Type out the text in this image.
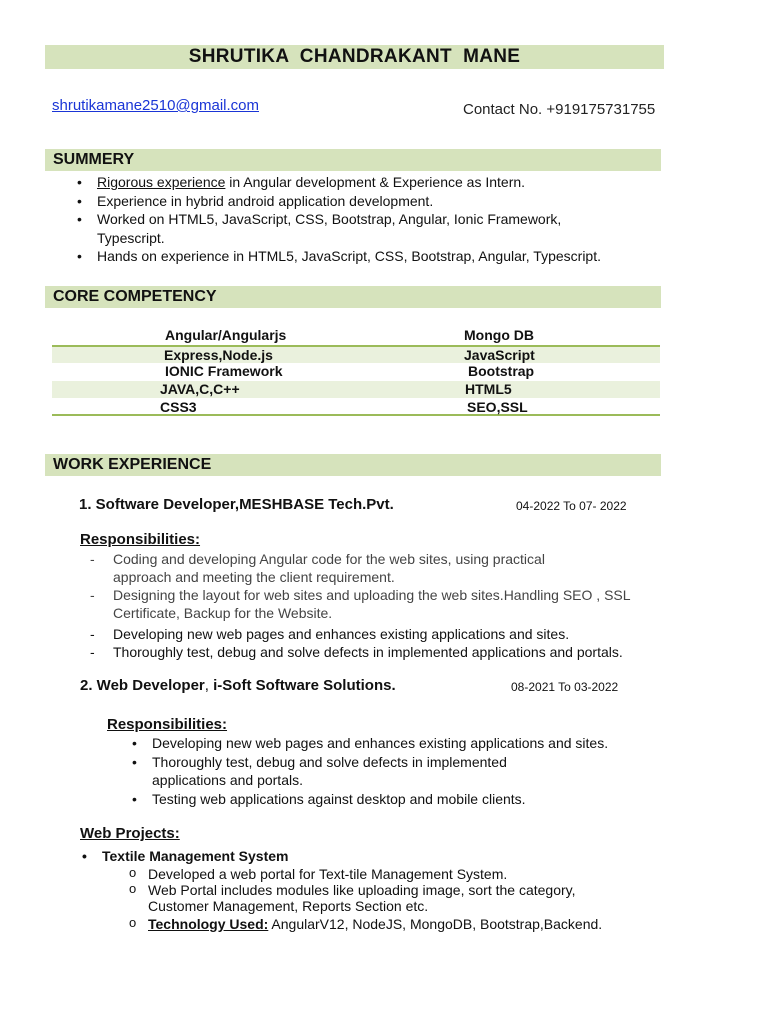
SHRUTIKA  CHANDRAKANT  MANE
shrutikamane2510@gmail.com	Contact No. +919175731755
SUMMERY
• Rigorous experience in Angular development & Experience as Intern.
• Experience in hybrid android application development.
• Worked on HTML5, JavaScript, CSS, Bootstrap, Angular, Ionic Framework, Typescript.
• Hands on experience in HTML5, JavaScript, CSS, Bootstrap, Angular, Typescript.
CORE COMPETENCY
Angular/Angularjs	Mongo DB
Express,Node.js	JavaScript
IONIC Framework	Bootstrap
JAVA,C,C++	HTML5
CSS3	SEO,SSL
WORK EXPERIENCE
1. Software Developer,MESHBASE Tech.Pvt.	04-2022 To 07- 2022
Responsibilities:
- Coding and developing Angular code for the web sites, using practical approach and meeting the client requirement.
- Designing the layout for web sites and uploading the web sites.Handling SEO , SSL Certificate, Backup for the Website.
- Developing new web pages and enhances existing applications and sites.
- Thoroughly test, debug and solve defects in implemented applications and portals.
2. Web Developer, i-Soft Software Solutions.	08-2021 To 03-2022
Responsibilities:
• Developing new web pages and enhances existing applications and sites.
• Thoroughly test, debug and solve defects in implemented applications and portals.
• Testing web applications against desktop and mobile clients.
Web Projects:
• Textile Management System
o Developed a web portal for Text-tile Management System.
o Web Portal includes modules like uploading image, sort the category, Customer Management, Reports Section etc.
o Technology Used: AngularV12, NodeJS, MongoDB, Bootstrap,Backend.
